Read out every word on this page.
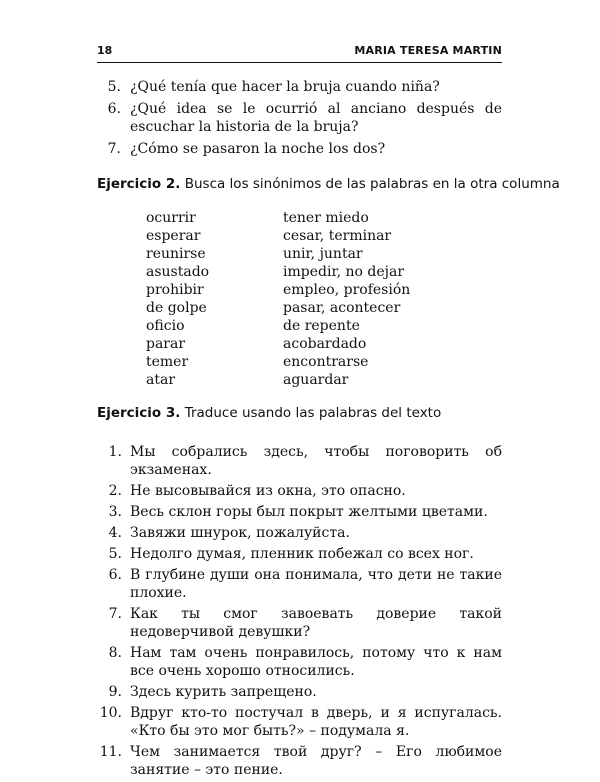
18	MARIA TERESA MARTIN
5. ¿Qué tenía que hacer la bruja cuando niña?
6. ¿Qué idea se le ocurrió al anciano después de escuchar la historia de la bruja?
7. ¿Cómo se pasaron la noche los dos?
Ejercicio 2. Busca los sinónimos de las palabras en la otra columna
ocurrir	tener miedo
esperar	cesar, terminar
reunirse	unir, juntar
asustado	impedir, no dejar
prohibir	empleo, profesión
de golpe	pasar, acontecer
oficio	de repente
parar	acobardado
temer	encontrarse
atar	aguardar
Ejercicio 3. Traduce usando las palabras del texto
1. Мы собрались здесь, чтобы поговорить об экзаменах.
2. Не высовывайся из окна, это опасно.
3. Весь склон горы был покрыт желтыми цветами.
4. Завяжи шнурок, пожалуйста.
5. Недолго думая, пленник побежал со всех ног.
6. В глубине души она понимала, что дети не такие плохие.
7. Как ты смог завоевать доверие такой недоверчивой девушки?
8. Нам там очень понравилось, потому что к нам все очень хорошо относились.
9. Здесь курить запрещено.
10. Вдруг кто-то постучал в дверь, и я испугалась. «Кто бы это мог быть?» – подумала я.
11. Чем занимается твой друг? – Его любимое занятие – это пение.
